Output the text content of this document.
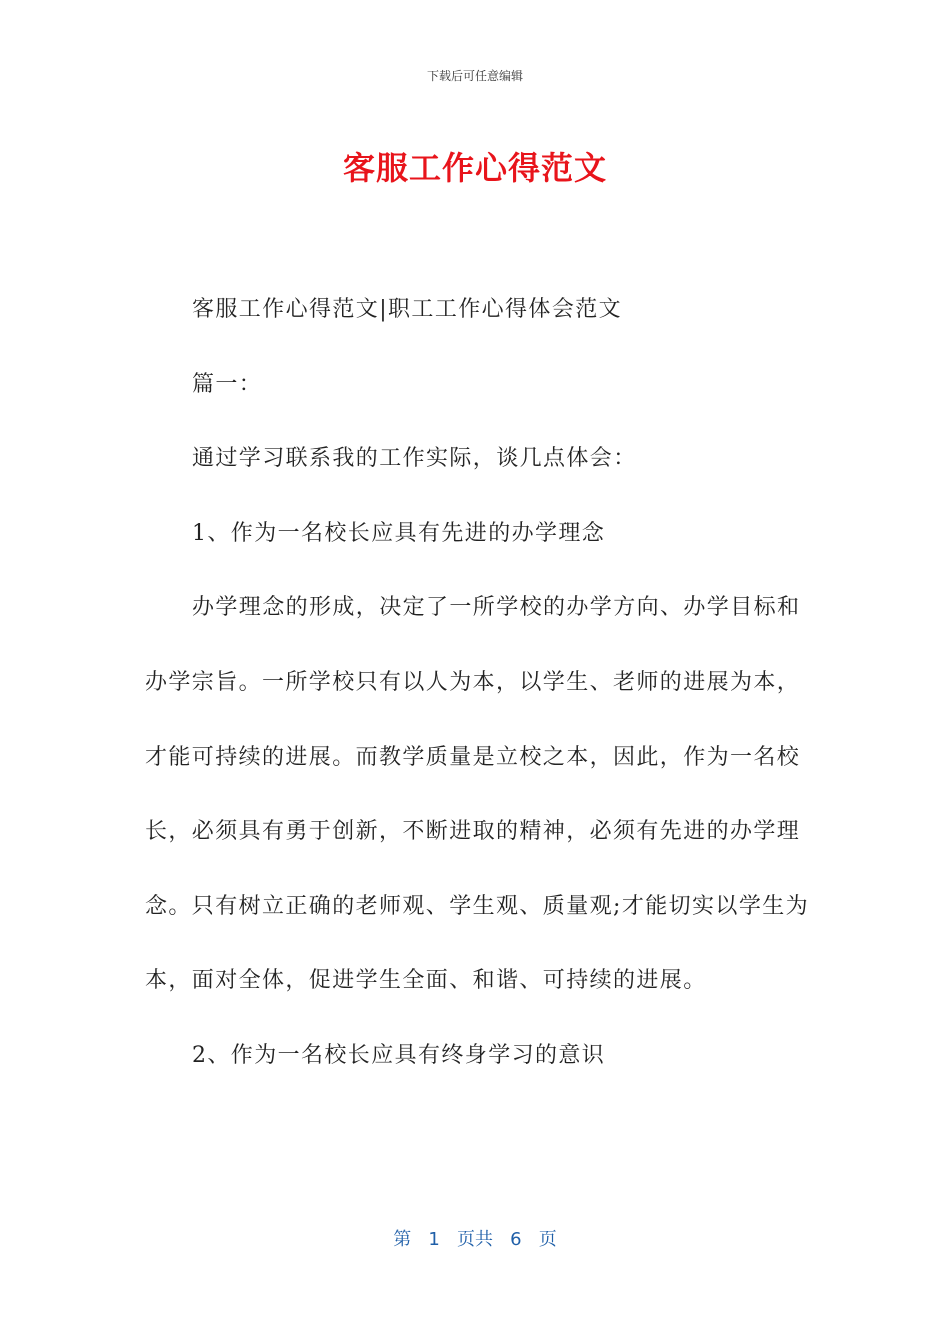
下载后可任意编辑
客服工作心得范文

客服工作心得范文|职工工作心得体会范文

篇一：

通过学习联系我的工作实际，谈几点体会：

1、作为一名校长应具有先进的办学理念

办学理念的形成，决定了一所学校的办学方向、办学目标和办学宗旨。一所学校只有以人为本，以学生、老师的进展为本，才能可持续的进展。而教学质量是立校之本，因此，作为一名校长，必须具有勇于创新，不断进取的精神，必须有先进的办学理念。只有树立正确的老师观、学生观、质量观;才能切实以学生为本，面对全体，促进学生全面、和谐、可持续的进展。

2、作为一名校长应具有终身学习的意识

第 1 页共 6 页
